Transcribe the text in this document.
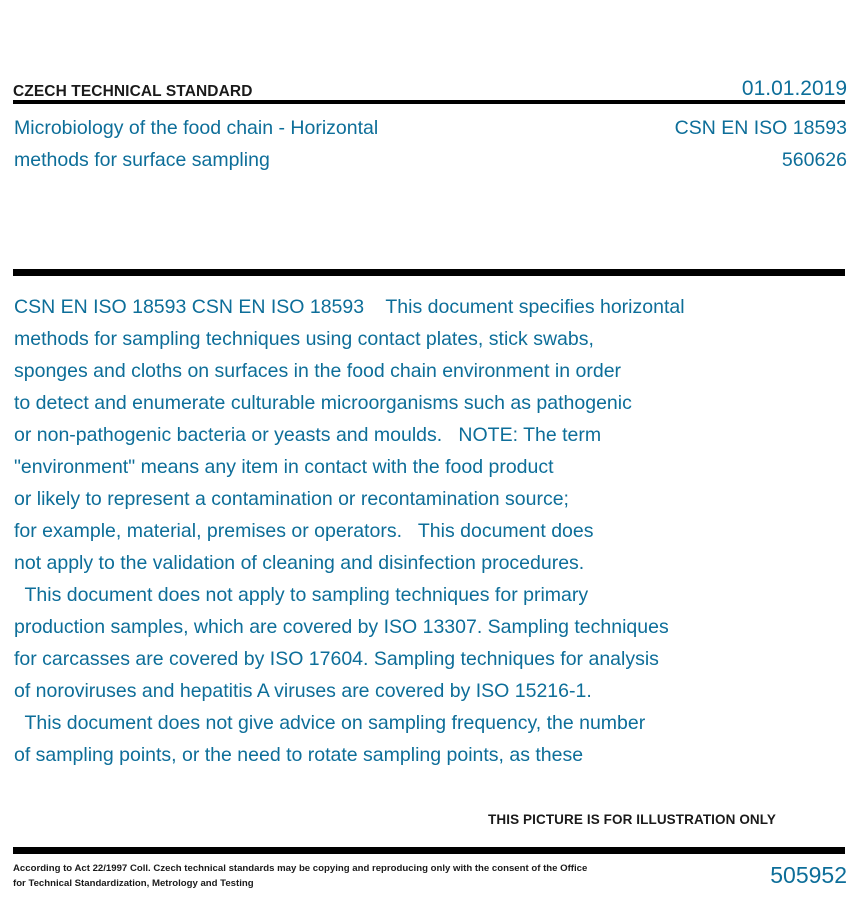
CZECH TECHNICAL STANDARD	01.01.2019
Microbiology of the food chain - Horizontal
methods for surface sampling
CSN EN ISO 18593
560626
CSN EN ISO 18593 CSN EN ISO 18593    This document specifies horizontal
methods for sampling techniques using contact plates, stick swabs,
sponges and cloths on surfaces in the food chain environment in order
to detect and enumerate culturable microorganisms such as pathogenic
or non-pathogenic bacteria or yeasts and moulds.   NOTE: The term
"environment" means any item in contact with the food product
or likely to represent a contamination or recontamination source;
for example, material, premises or operators.   This document does
not apply to the validation of cleaning and disinfection procedures.
This document does not apply to sampling techniques for primary
production samples, which are covered by ISO 13307. Sampling techniques
for carcasses are covered by ISO 17604. Sampling techniques for analysis
of noroviruses and hepatitis A viruses are covered by ISO 15216-1.
This document does not give advice on sampling frequency, the number
of sampling points, or the need to rotate sampling points, as these
THIS PICTURE IS FOR ILLUSTRATION ONLY
According to Act 22/1997 Coll. Czech technical standards may be copying and reproducing only with the consent of the Office
for Technical Standardization, Metrology and Testing	505952
